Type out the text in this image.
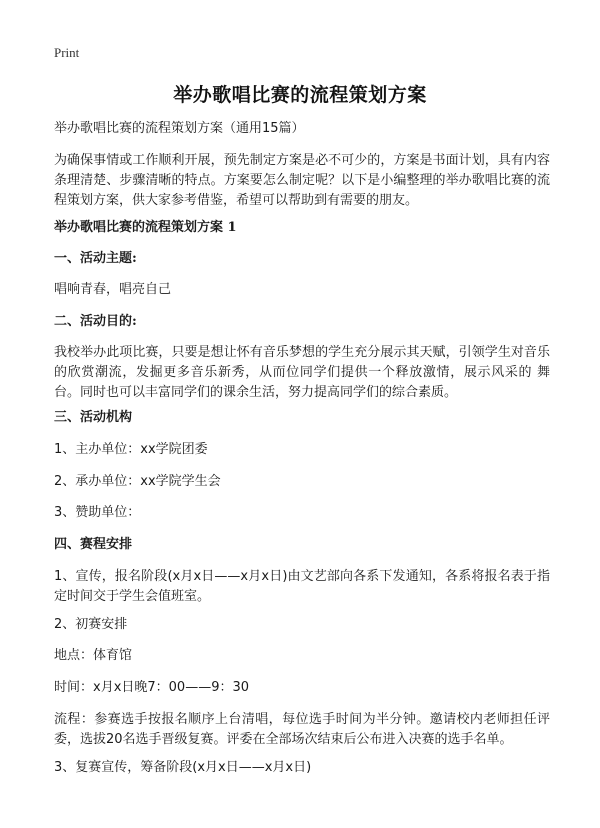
Print
举办歌唱比赛的流程策划方案
举办歌唱比赛的流程策划方案（通用15篇）
为确保事情或工作顺利开展，预先制定方案是必不可少的，方案是书面计划，具有内容条理清楚、步骤清晰的特点。方案要怎么制定呢？以下是小编整理的举办歌唱比赛的流程策划方案，供大家参考借鉴，希望可以帮助到有需要的朋友。
举办歌唱比赛的流程策划方案 1
一、活动主题:
唱响青春，唱亮自己
二、活动目的:
我校举办此项比赛，只要是想让怀有音乐梦想的学生充分展示其天赋，引领学生对音乐的欣赏潮流，发掘更多音乐新秀，从而位同学们提供一个释放激情，展示风采的 舞台。同时也可以丰富同学们的课余生活，努力提高同学们的综合素质。
三、活动机构
1、主办单位：xx学院团委
2、承办单位：xx学院学生会
3、赞助单位：
四、赛程安排
1、宣传，报名阶段(x月x日——x月x日)由文艺部向各系下发通知，各系将报名表于指定时间交于学生会值班室。
2、初赛安排
地点：体育馆
时间：x月x日晚7：00——9：30
流程：参赛选手按报名顺序上台清唱，每位选手时间为半分钟。邀请校内老师担任评委，选拔20名选手晋级复赛。评委在全部场次结束后公布进入决赛的选手名单。
3、复赛宣传，筹备阶段(x月x日——x月x日)
